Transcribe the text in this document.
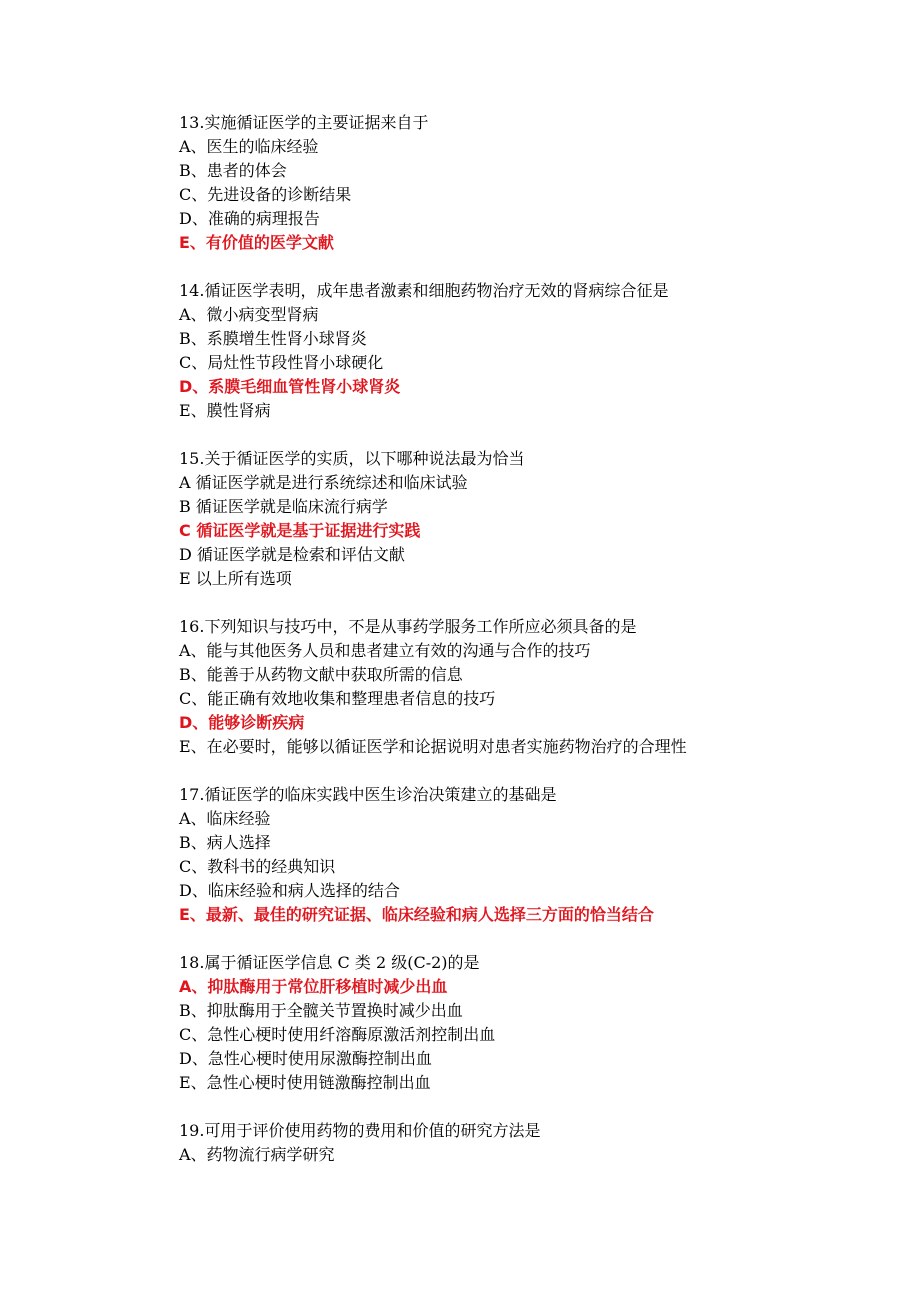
13.实施循证医学的主要证据来自于
A、医生的临床经验
B、患者的体会
C、先进设备的诊断结果
D、准确的病理报告
E、有价值的医学文献
14.循证医学表明，成年患者激素和细胞药物治疗无效的肾病综合征是
A、微小病变型肾病
B、系膜增生性肾小球肾炎
C、局灶性节段性肾小球硬化
D、系膜毛细血管性肾小球肾炎
E、膜性肾病
15.关于循证医学的实质，以下哪种说法最为恰当
A 循证医学就是进行系统综述和临床试验
B 循证医学就是临床流行病学
C 循证医学就是基于证据进行实践
D 循证医学就是检索和评估文献
E 以上所有选项
16.下列知识与技巧中，不是从事药学服务工作所应必须具备的是
A、能与其他医务人员和患者建立有效的沟通与合作的技巧
B、能善于从药物文献中获取所需的信息
C、能正确有效地收集和整理患者信息的技巧
D、能够诊断疾病
E、在必要时，能够以循证医学和论据说明对患者实施药物治疗的合理性
17.循证医学的临床实践中医生诊治决策建立的基础是
A、临床经验
B、病人选择
C、教科书的经典知识
D、临床经验和病人选择的结合
E、最新、最佳的研究证据、临床经验和病人选择三方面的恰当结合
18.属于循证医学信息 C 类 2 级(C-2)的是
A、抑肽酶用于常位肝移植时减少出血
B、抑肽酶用于全髋关节置换时减少出血
C、急性心梗时使用纤溶酶原激活剂控制出血
D、急性心梗时使用尿激酶控制出血
E、急性心梗时使用链激酶控制出血
19.可用于评价使用药物的费用和价值的研究方法是
A、药物流行病学研究
